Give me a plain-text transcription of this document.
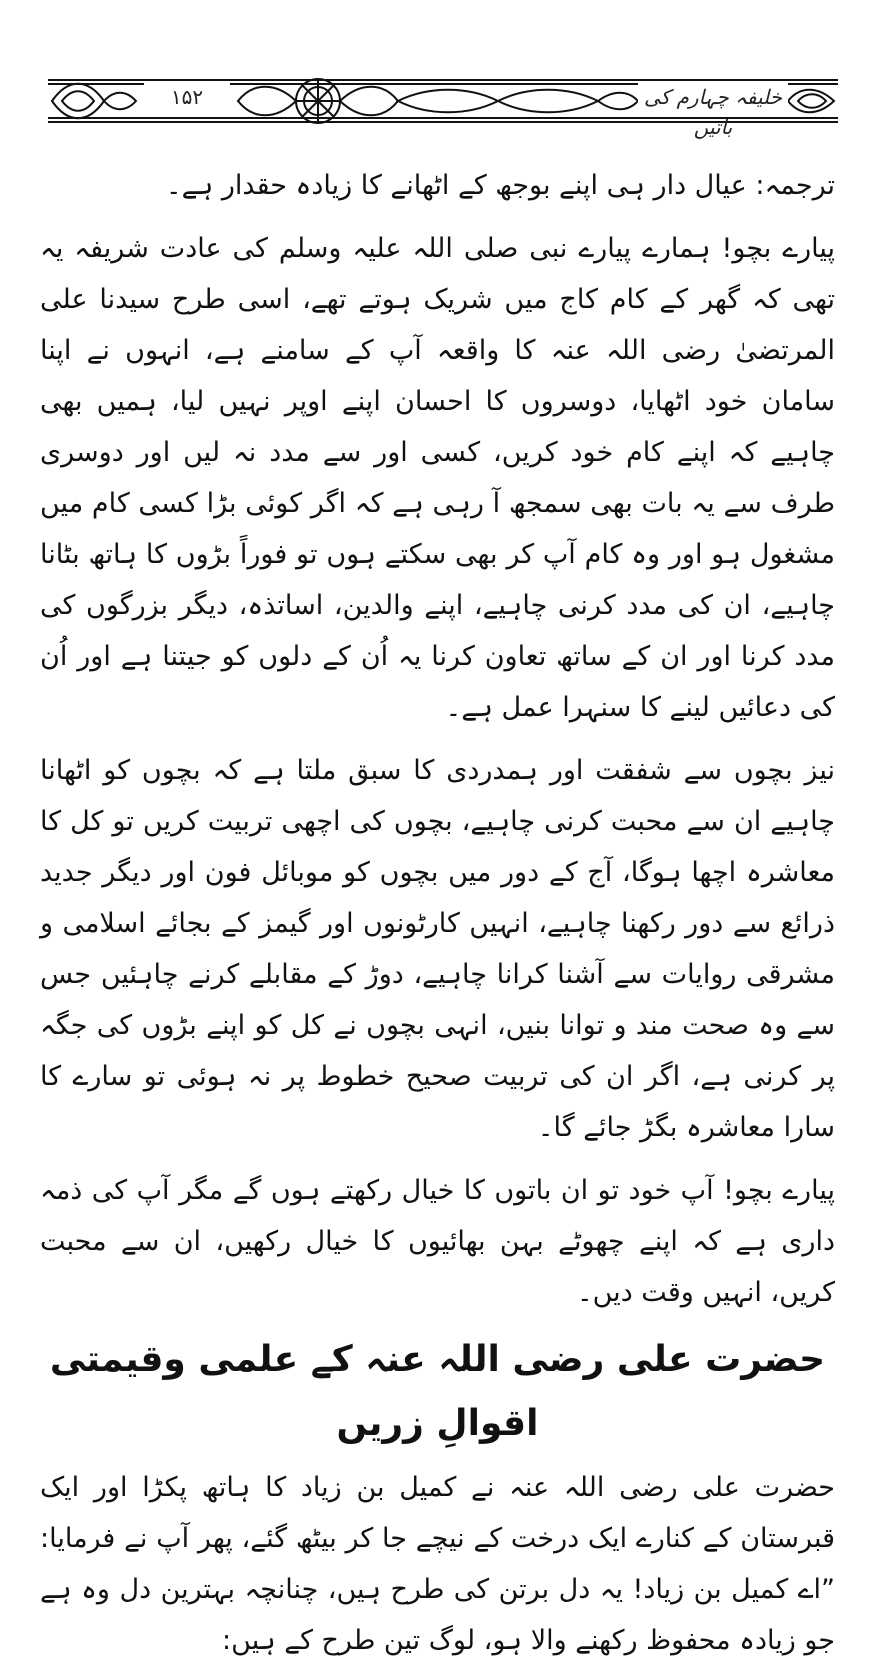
۱۵۲	خلیفہ چہارم کی باتیں

ترجمہ: عیال دار ہی اپنے بوجھ کے اٹھانے کا زیادہ حقدار ہے۔

پیارے بچو! ہمارے پیارے نبی صلی اللہ علیہ وسلم کی عادت شریفہ یہ تھی کہ گھر کے کام کاج میں شریک ہوتے تھے، اسی طرح سیدنا علی المرتضیٰ رضی اللہ عنہ کا واقعہ آپ کے سامنے ہے، انہوں نے اپنا سامان خود اٹھایا، دوسروں کا احسان اپنے اوپر نہیں لیا، ہمیں بھی چاہیے کہ اپنے کام خود کریں، کسی اور سے مدد نہ لیں اور دوسری طرف سے یہ بات بھی سمجھ آ رہی ہے کہ اگر کوئی بڑا کسی کام میں مشغول ہو اور وہ کام آپ کر بھی سکتے ہوں تو فوراً بڑوں کا ہاتھ بٹانا چاہیے، ان کی مدد کرنی چاہیے، اپنے والدین، اساتذہ، دیگر بزرگوں کی مدد کرنا اور ان کے ساتھ تعاون کرنا یہ اُن کے دلوں کو جیتنا ہے اور اُن کی دعائیں لینے کا سنہرا عمل ہے۔

نیز بچوں سے شفقت اور ہمدردی کا سبق ملتا ہے کہ بچوں کو اٹھانا چاہیے ان سے محبت کرنی چاہیے، بچوں کی اچھی تربیت کریں تو کل کا معاشرہ اچھا ہوگا، آج کے دور میں بچوں کو موبائل فون اور دیگر جدید ذرائع سے دور رکھنا چاہیے، انہیں کارٹونوں اور گیمز کے بجائے اسلامی و مشرقی روایات سے آشنا کرانا چاہیے، دوڑ کے مقابلے کرنے چاہئیں جس سے وہ صحت مند و توانا بنیں، انہی بچوں نے کل کو اپنے بڑوں کی جگہ پر کرنی ہے، اگر ان کی تربیت صحیح خطوط پر نہ ہوئی تو سارے کا سارا معاشرہ بگڑ جائے گا۔

پیارے بچو! آپ خود تو ان باتوں کا خیال رکھتے ہوں گے مگر آپ کی ذمہ داری ہے کہ اپنے چھوٹے بہن بھائیوں کا خیال رکھیں، ان سے محبت کریں، انہیں وقت دیں۔

حضرت علی رضی اللہ عنہ کے علمی وقیمتی اقوالِ زریں

حضرت علی رضی اللہ عنہ نے کمیل بن زیاد کا ہاتھ پکڑا اور ایک قبرستان کے کنارے ایک درخت کے نیچے جا کر بیٹھ گئے، پھر آپ نے فرمایا: ”اے کمیل بن زیاد! یہ دل برتن کی طرح ہیں، چنانچہ بہترین دل وہ ہے جو زیادہ محفوظ رکھنے والا ہو، لوگ تین طرح کے ہیں:
